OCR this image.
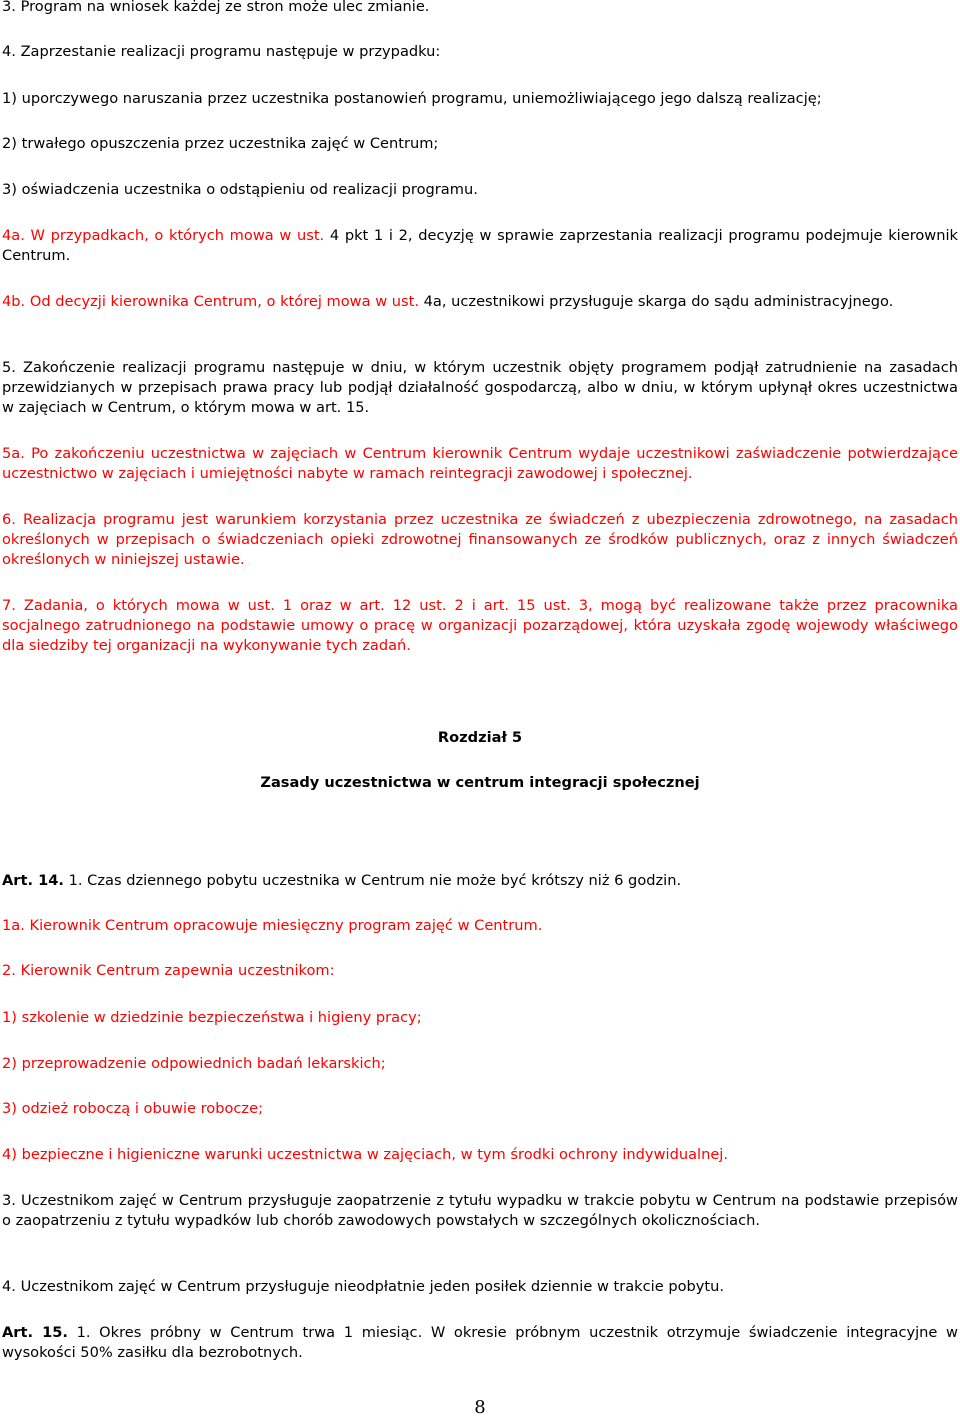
3. Program na wniosek każdej ze stron może ulec zmianie.

4. Zaprzestanie realizacji programu następuje w przypadku:

1) uporczywego naruszania przez uczestnika postanowień programu, uniemożliwiającego jego dalszą realizację;

2) trwałego opuszczenia przez uczestnika zajęć w Centrum;

3) oświadczenia uczestnika o odstąpieniu od realizacji programu.

4a. W przypadkach, o których mowa w ust. 4 pkt 1 i 2, decyzję w sprawie zaprzestania realizacji programu podejmuje kierownik Centrum.

4b. Od decyzji kierownika Centrum, o której mowa w ust. 4a, uczestnikowi przysługuje skarga do sądu administracyjnego.

5. Zakończenie realizacji programu następuje w dniu, w którym uczestnik objęty programem podjął zatrudnienie na zasadach przewidzianych w przepisach prawa pracy lub podjął działalność gospodarczą, albo w dniu, w którym upłynął okres uczestnictwa w zajęciach w Centrum, o którym mowa w art. 15.

5a. Po zakończeniu uczestnictwa w zajęciach w Centrum kierownik Centrum wydaje uczestnikowi zaświadczenie potwierdzające uczestnictwo w zajęciach i umiejętności nabyte w ramach reintegracji zawodowej i społecznej.

6. Realizacja programu jest warunkiem korzystania przez uczestnika ze świadczeń z ubezpieczenia zdrowotnego, na zasadach określonych w przepisach o świadczeniach opieki zdrowotnej finansowanych ze środków publicznych, oraz z innych świadczeń określonych w niniejszej ustawie.

7. Zadania, o których mowa w ust. 1 oraz w art. 12 ust. 2 i art. 15 ust. 3, mogą być realizowane także przez pracownika socjalnego zatrudnionego na podstawie umowy o pracę w organizacji pozarządowej, która uzyskała zgodę wojewody właściwego dla siedziby tej organizacji na wykonywanie tych zadań.

Rozdział 5

Zasady uczestnictwa w centrum integracji społecznej

Art. 14. 1. Czas dziennego pobytu uczestnika w Centrum nie może być krótszy niż 6 godzin.

1a. Kierownik Centrum opracowuje miesięczny program zajęć w Centrum.

2. Kierownik Centrum zapewnia uczestnikom:

1) szkolenie w dziedzinie bezpieczeństwa i higieny pracy;

2) przeprowadzenie odpowiednich badań lekarskich;

3) odzież roboczą i obuwie robocze;

4) bezpieczne i higieniczne warunki uczestnictwa w zajęciach, w tym środki ochrony indywidualnej.

3. Uczestnikom zajęć w Centrum przysługuje zaopatrzenie z tytułu wypadku w trakcie pobytu w Centrum na podstawie przepisów o zaopatrzeniu z tytułu wypadków lub chorób zawodowych powstałych w szczególnych okolicznościach.

4. Uczestnikom zajęć w Centrum przysługuje nieodpłatnie jeden posiłek dziennie w trakcie pobytu.

Art. 15. 1. Okres próbny w Centrum trwa 1 miesiąc. W okresie próbnym uczestnik otrzymuje świadczenie integracyjne w wysokości 50% zasiłku dla bezrobotnych.

8
